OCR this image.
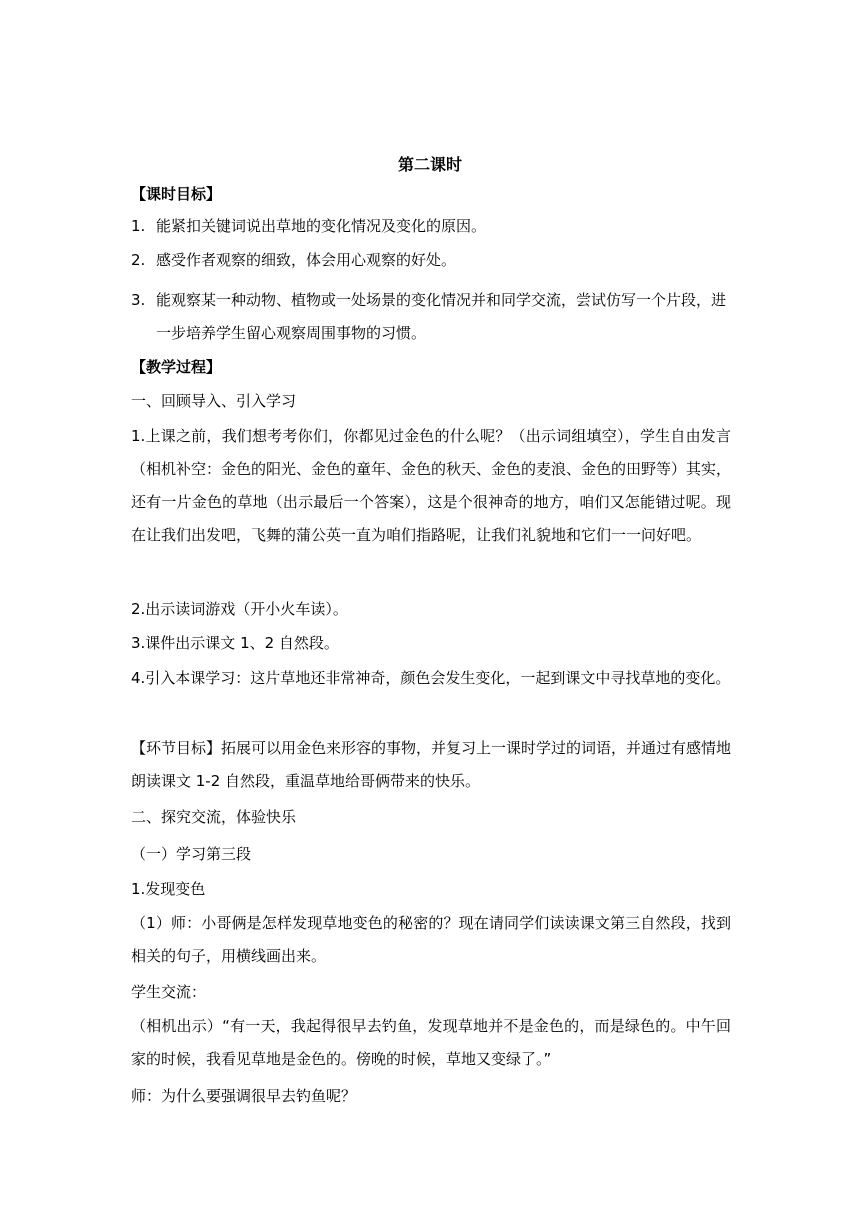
第二课时
【课时目标】
1. 能紧扣关键词说出草地的变化情况及变化的原因。
2. 感受作者观察的细致，体会用心观察的好处。
3. 能观察某一种动物、植物或一处场景的变化情况并和同学交流，尝试仿写一个片段，进一步培养学生留心观察周围事物的习惯。
【教学过程】
一、回顾导入、引入学习
1.上课之前，我们想考考你们，你都见过金色的什么呢？（出示词组填空），学生自由发言（相机补空：金色的阳光、金色的童年、金色的秋天、金色的麦浪、金色的田野等）其实，还有一片金色的草地（出示最后一个答案），这是个很神奇的地方，咱们又怎能错过呢。现在让我们出发吧，飞舞的蒲公英一直为咱们指路呢，让我们礼貌地和它们一一问好吧。
2.出示读词游戏（开小火车读）。
3.课件出示课文 1、2 自然段。
4.引入本课学习：这片草地还非常神奇，颜色会发生变化，一起到课文中寻找草地的变化。
【环节目标】拓展可以用金色来形容的事物，并复习上一课时学过的词语，并通过有感情地朗读课文 1-2 自然段，重温草地给哥俩带来的快乐。
二、探究交流，体验快乐
（一）学习第三段
1.发现变色
（1）师：小哥俩是怎样发现草地变色的秘密的？现在请同学们读读课文第三自然段，找到相关的句子，用横线画出来。
学生交流：
（相机出示）“有一天，我起得很早去钓鱼，发现草地并不是金色的，而是绿色的。中午回家的时候，我看见草地是金色的。傍晚的时候，草地又变绿了。”
师：为什么要强调很早去钓鱼呢？
